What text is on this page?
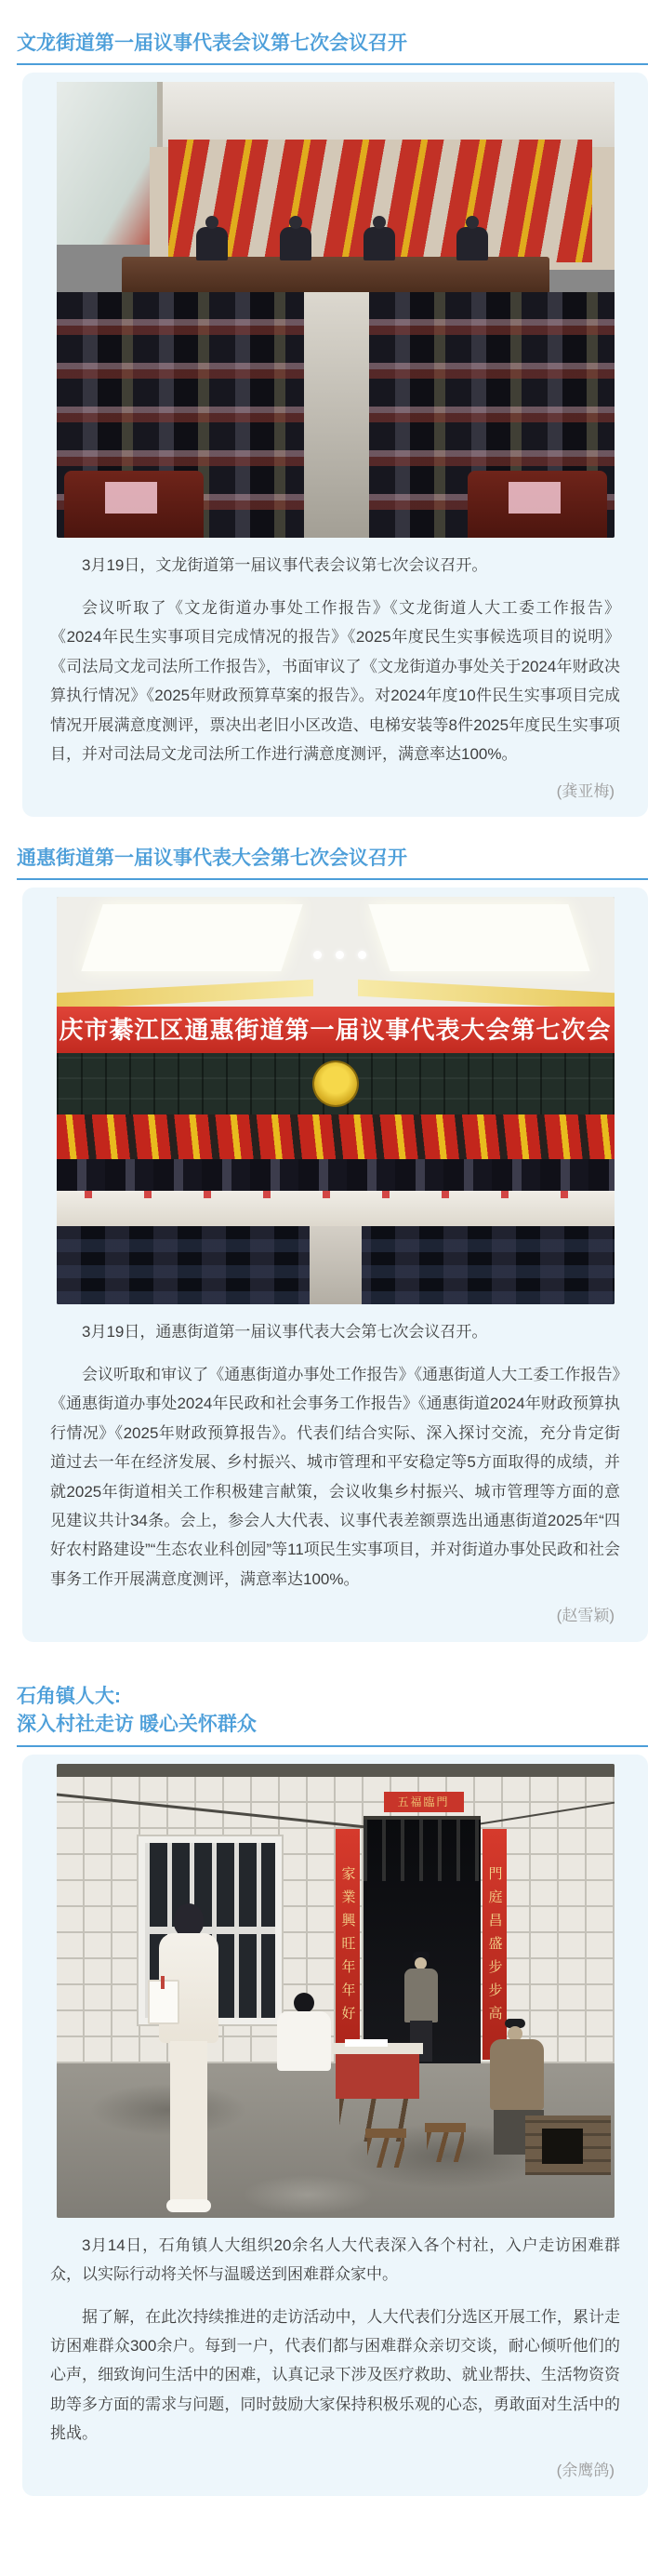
文龙街道第一届议事代表会议第七次会议召开

3月19日，文龙街道第一届议事代表会议第七次会议召开。

会议听取了《文龙街道办事处工作报告》《文龙街道人大工委工作报告》《2024年民生实事项目完成情况的报告》《2025年度民生实事候选项目的说明》《司法局文龙司法所工作报告》，书面审议了《文龙街道办事处关于2024年财政决算执行情况》《2025年财政预算草案的报告》。对2024年度10件民生实事项目完成情况开展满意度测评，票决出老旧小区改造、电梯安装等8件2025年度民生实事项目，并对司法局文龙司法所工作进行满意度测评，满意率达100%。

(龚亚梅)
通惠街道第一届议事代表大会第七次会议召开
庆市綦江区通惠街道第一届议事代表大会第七次会

3月19日，通惠街道第一届议事代表大会第七次会议召开。

会议听取和审议了《通惠街道办事处工作报告》《通惠街道人大工委工作报告》《通惠街道办事处2024年民政和社会事务工作报告》《通惠街道2024年财政预算执行情况》《2025年财政预算报告》。代表们结合实际、深入探讨交流，充分肯定街道过去一年在经济发展、乡村振兴、城市管理和平安稳定等5方面取得的成绩，并就2025年街道相关工作积极建言献策，会议收集乡村振兴、城市管理等方面的意见建议共计34条。会上，参会人大代表、议事代表差额票选出通惠街道2025年“四好农村路建设”“生态农业科创园”等11项民生实事项目，并对街道办事处民政和社会事务工作开展满意度测评，满意率达100%。

(赵雪颖)
石角镇人大:
深入村社走访 暖心关怀群众
五福臨門
家業興旺年年好	門庭昌盛步步高

3月14日，石角镇人大组织20余名人大代表深入各个村社，入户走访困难群众，以实际行动将关怀与温暖送到困难群众家中。

据了解，在此次持续推进的走访活动中，人大代表们分选区开展工作，累计走访困难群众300余户。每到一户，代表们都与困难群众亲切交谈，耐心倾听他们的心声，细致询问生活中的困难，认真记录下涉及医疗救助、就业帮扶、生活物资资助等多方面的需求与问题，同时鼓励大家保持积极乐观的心态，勇敢面对生活中的挑战。

(余鹰鸽)
